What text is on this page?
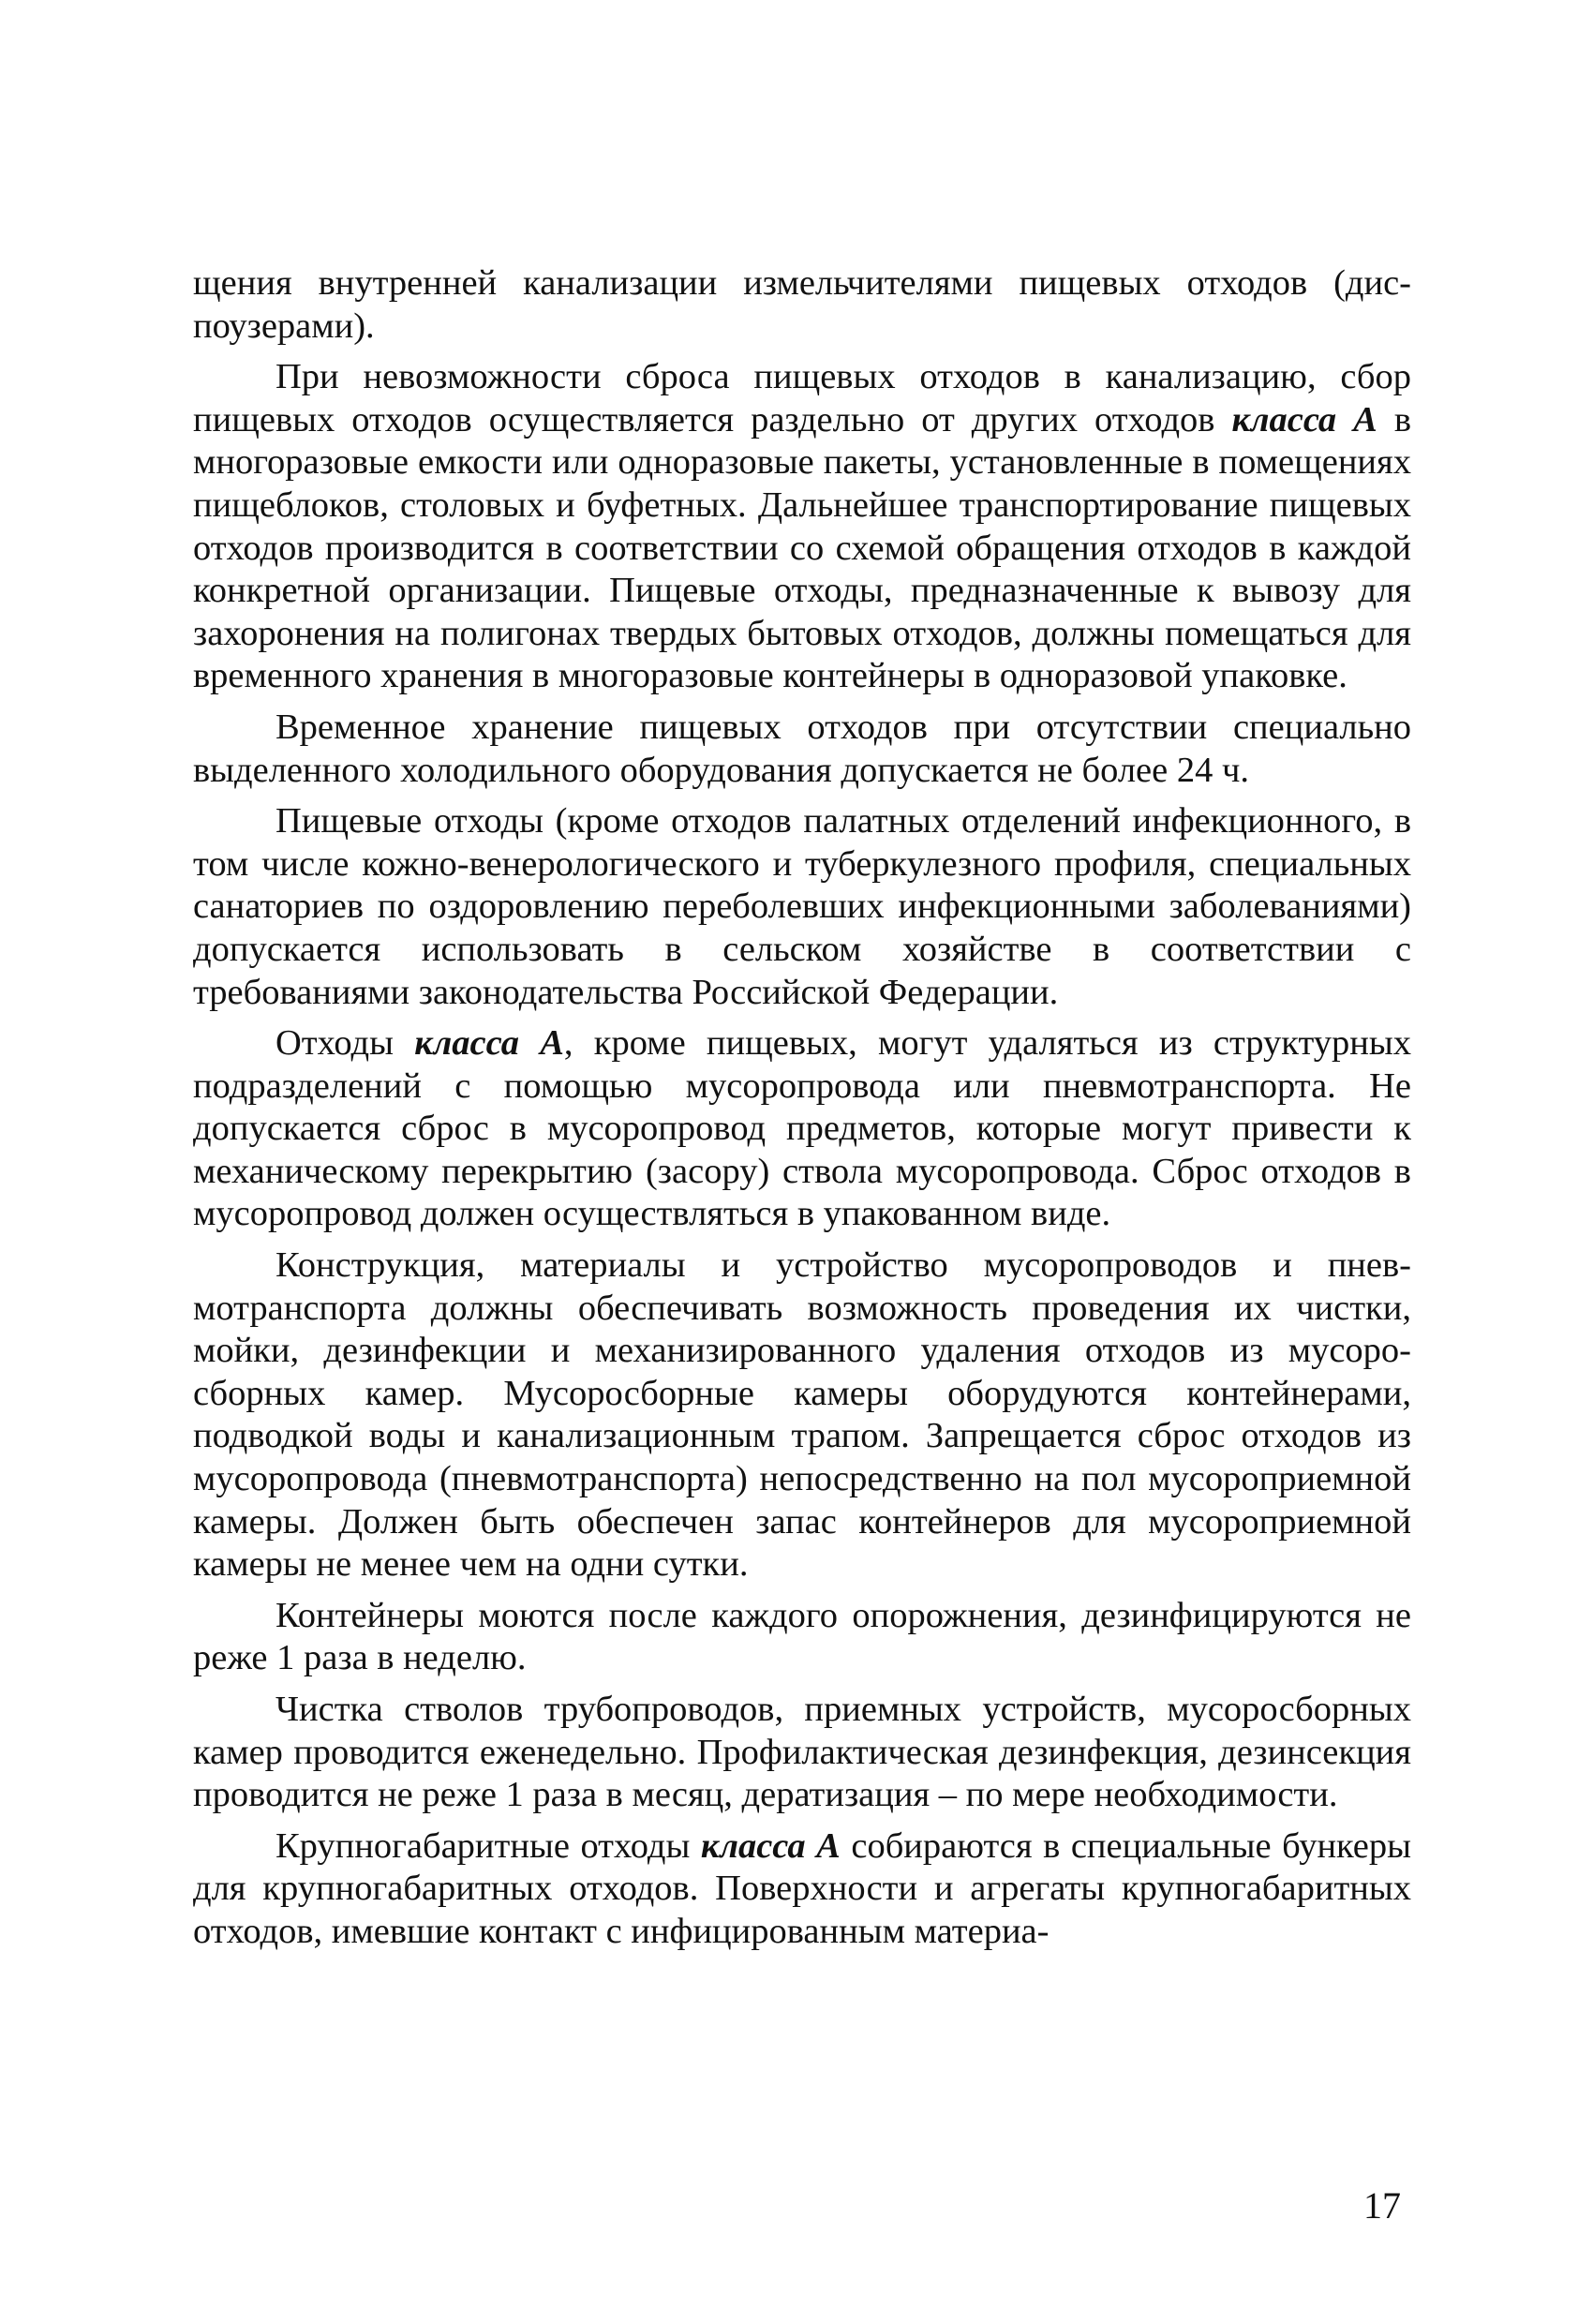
щения внутренней канализации измельчителями пищевых отходов (диспоузерами).

При невозможности сброса пищевых отходов в канализацию, сбор пищевых отходов осуществляется раздельно от других отходов класса А в многоразовые емкости или одноразовые пакеты, установленные в помещениях пищеблоков, столовых и буфетных. Дальнейшее транспортирование пищевых отходов производится в соответствии со схемой обращения отходов в каждой конкретной организации. Пищевые отходы, предназначенные к вывозу для захоронения на полигонах твердых бытовых отходов, должны помещаться для временного хранения в многоразовые контейнеры в одноразовой упаковке.

Временное хранение пищевых отходов при отсутствии специально выделенного холодильного оборудования допускается не более 24 ч.

Пищевые отходы (кроме отходов палатных отделений инфекционного, в том числе кожно-венерологического и туберкулезного профиля, специальных санаториев по оздоровлению переболевших инфекционными заболеваниями) допускается использовать в сельском хозяйстве в соответствии с требованиями законодательства Российской Федерации.

Отходы класса А, кроме пищевых, могут удаляться из структурных подразделений с помощью мусоропровода или пневмотранспорта. Не допускается сброс в мусоропровод предметов, которые могут привести к механическому перекрытию (засору) ствола мусоропровода. Сброс отходов в мусоропровод должен осуществляться в упакованном виде.

Конструкция, материалы и устройство мусоропроводов и пневмотранспорта должны обеспечивать возможность проведения их чистки, мойки, дезинфекции и механизированного удаления отходов из мусоросборных камер. Мусоросборные камеры оборудуются контейнерами, подводкой воды и канализационным трапом. Запрещается сброс отходов из мусоропровода (пневмотранспорта) непосредственно на пол мусороприемной камеры. Должен быть обеспечен запас контейнеров для мусороприемной камеры не менее чем на одни сутки.

Контейнеры моются после каждого опорожнения, дезинфицируются не реже 1 раза в неделю.

Чистка стволов трубопроводов, приемных устройств, мусоросборных камер проводится еженедельно. Профилактическая дезинфекция, дезинсекция проводится не реже 1 раза в месяц, дератизация – по мере необходимости.

Крупногабаритные отходы класса А собираются в специальные бункеры для крупногабаритных отходов. Поверхности и агрегаты крупногабаритных отходов, имевшие контакт с инфицированным материа-

17
